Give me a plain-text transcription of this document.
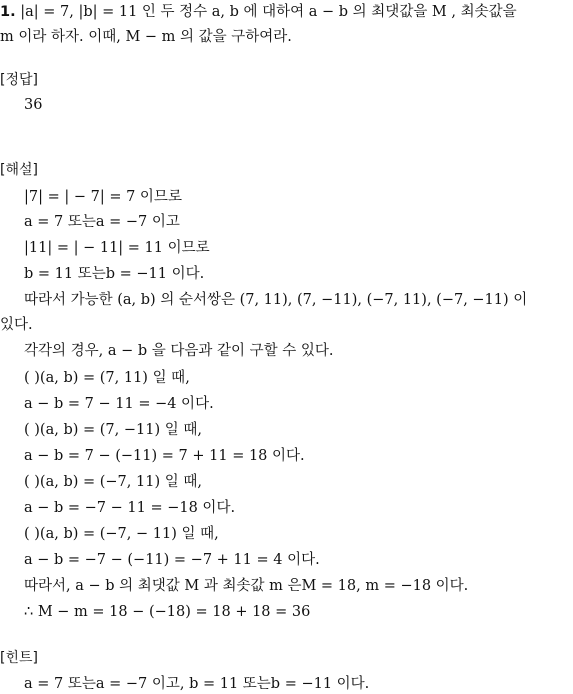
1. |a| = 7, |b| = 11 인 두 정수 a, b 에 대하여 a − b 의 최댓값을 M , 최솟값을
m 이라 하자. 이때, M − m 의 값을 구하여라.
[정답]
36
[해설]
|7| = | − 7| = 7 이므로
a = 7 또는a = −7 이고
|11| = | − 11| = 11 이므로
b = 11 또는b = −11 이다.
따라서 가능한 (a, b) 의 순서쌍은 (7, 11), (7, −11), (−7, 11), (−7, −11) 이
있다.
각각의 경우, a − b 을 다음과 같이 구할 수 있다.
( )(a, b) = (7, 11) 일 때,
a − b = 7 − 11 = −4 이다.
( )(a, b) = (7, −11) 일 때,
a − b = 7 − (−11) = 7 + 11 = 18 이다.
( )(a, b) = (−7, 11) 일 때,
a − b = −7 − 11 = −18 이다.
( )(a, b) = (−7, − 11) 일 때,
a − b = −7 − (−11) = −7 + 11 = 4 이다.
따라서, a − b 의 최댓값 M 과 최솟값 m 은M = 18, m = −18 이다.
∴ M − m = 18 − (−18) = 18 + 18 = 36
[힌트]
a = 7 또는a = −7 이고, b = 11 또는b = −11 이다.
